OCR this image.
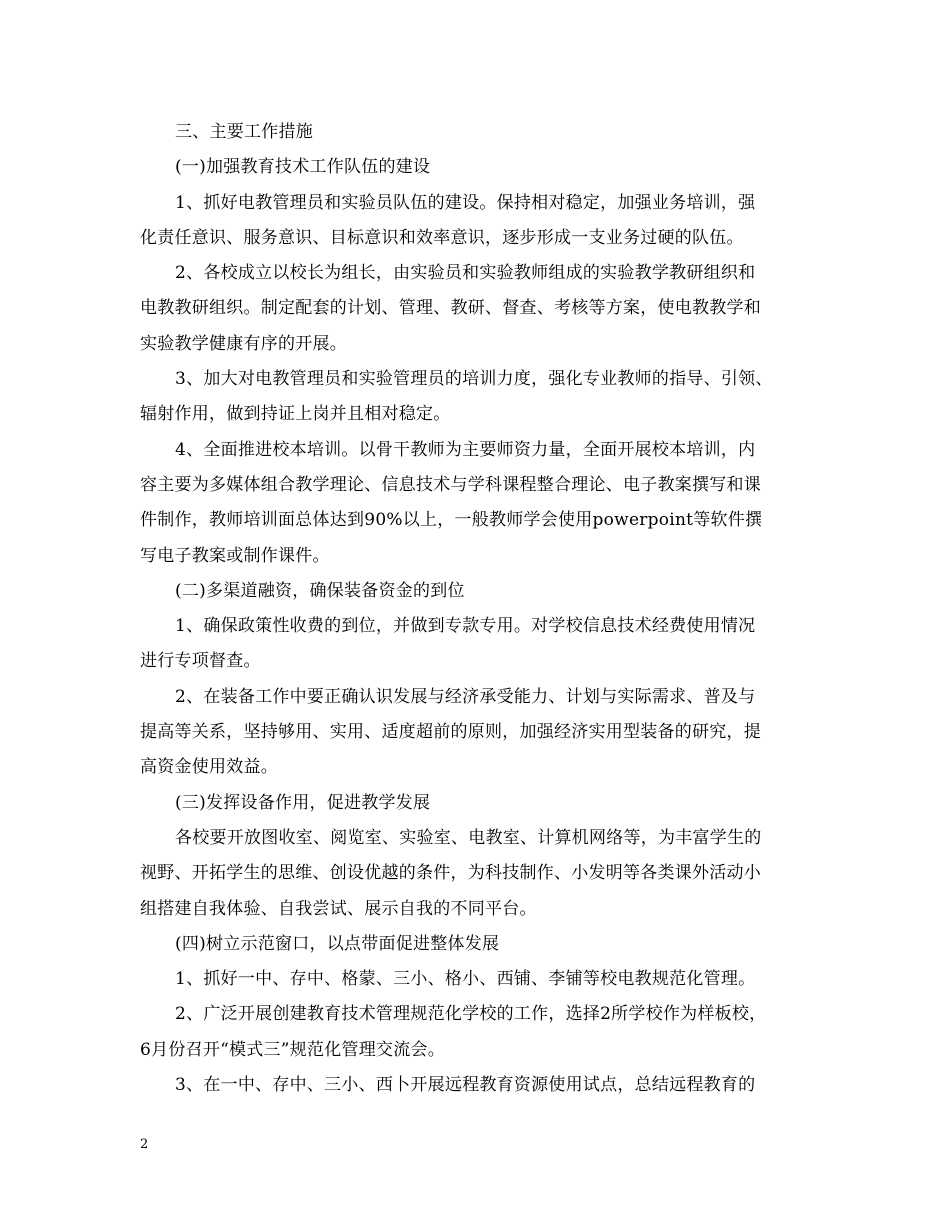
三、主要工作措施
(一)加强教育技术工作队伍的建设
1、抓好电教管理员和实验员队伍的建设。保持相对稳定，加强业务培训，强
化责任意识、服务意识、目标意识和效率意识，逐步形成一支业务过硬的队伍。
2、各校成立以校长为组长，由实验员和实验教师组成的实验教学教研组织和
电教教研组织。制定配套的计划、管理、教研、督查、考核等方案，使电教教学和
实验教学健康有序的开展。
3、加大对电教管理员和实验管理员的培训力度，强化专业教师的指导、引领、
辐射作用，做到持证上岗并且相对稳定。
4、全面推进校本培训。以骨干教师为主要师资力量，全面开展校本培训，内
容主要为多媒体组合教学理论、信息技术与学科课程整合理论、电子教案撰写和课
件制作，教师培训面总体达到90%以上，一般教师学会使用powerpoint等软件撰
写电子教案或制作课件。
(二)多渠道融资，确保装备资金的到位
1、确保政策性收费的到位，并做到专款专用。对学校信息技术经费使用情况
进行专项督查。
2、在装备工作中要正确认识发展与经济承受能力、计划与实际需求、普及与
提高等关系，坚持够用、实用、适度超前的原则，加强经济实用型装备的研究，提
高资金使用效益。
(三)发挥设备作用，促进教学发展
各校要开放图收室、阅览室、实验室、电教室、计算机网络等，为丰富学生的
视野、开拓学生的思维、创设优越的条件，为科技制作、小发明等各类课外活动小
组搭建自我体验、自我尝试、展示自我的不同平台。
(四)树立示范窗口，以点带面促进整体发展
1、抓好一中、存中、格蒙、三小、格小、西铺、李铺等校电教规范化管理。
2、广泛开展创建教育技术管理规范化学校的工作，选择2所学校作为样板校，
6月份召开“模式三”规范化管理交流会。
3、在一中、存中、三小、西卜开展远程教育资源使用试点，总结远程教育的
2
